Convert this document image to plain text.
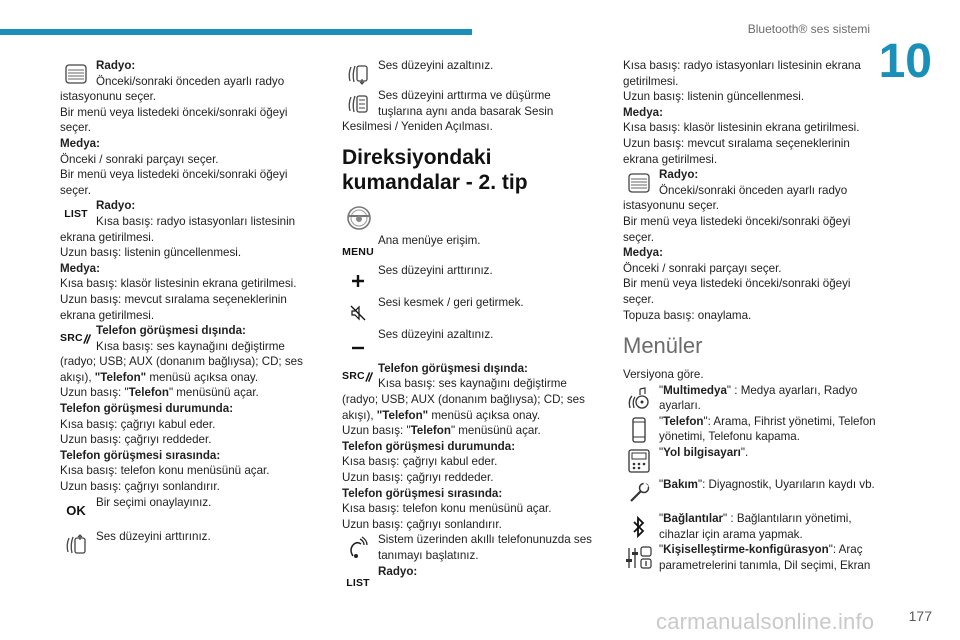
Bluetooth® ses sistemi
10
Radyo:
Önceki/sonraki önceden ayarlı radyo

istasyonunu seçer.

Bir menü veya listedeki önceki/sonraki öğeyi

seçer.

Medya:

Önceki / sonraki parçayı seçer.

Bir menü veya listedeki önceki/sonraki öğeyi

seçer.

LIST
Radyo:
Kısa basış: radyo istasyonları listesinin

ekrana getirilmesi.

Uzun basış: listenin güncellenmesi.

Medya:

Kısa basış: klasör listesinin ekrana getirilmesi.

Uzun basış: mevcut sıralama seçeneklerinin

ekrana getirilmesi.

SRC
Telefon görüşmesi dışında:
Kısa basış: ses kaynağını değiştirme

(radyo; USB; AUX (donanım bağlıysa); CD; ses

akışı), "Telefon" menüsü açıksa onay.

Uzun basış: "Telefon" menüsünü açar.

Telefon görüşmesi durumunda:

Kısa basış: çağrıyı kabul eder.

Uzun basış: çağrıyı reddeder.

Telefon görüşmesi sırasında:

Kısa basış: telefon konu menüsünü açar.

Uzun basış: çağrıyı sonlandırır.

OK
Bir seçimi onaylayınız.
Ses düzeyini arttırınız.
Ses düzeyini azaltınız.
Ses düzeyini arttırma ve düşürme
tuşlarına aynı anda basarak Sesin

Kesilmesi / Yeniden Açılması.

Direksiyondaki kumandalar - 2. tip
MENU
Ana menüye erişim.
Ses düzeyini arttırınız.
Sesi kesmek / geri getirmek.
Ses düzeyini azaltınız.
SRC
Telefon görüşmesi dışında:
Kısa basış: ses kaynağını değiştirme

(radyo; USB; AUX (donanım bağlıysa); CD; ses

akışı), "Telefon" menüsü açıksa onay.

Uzun basış: "Telefon" menüsünü açar.

Telefon görüşmesi durumunda:

Kısa basış: çağrıyı kabul eder.

Uzun basış: çağrıyı reddeder.

Telefon görüşmesi sırasında:

Kısa basış: telefon konu menüsünü açar.

Uzun basış: çağrıyı sonlandırır.

Sistem üzerinden akıllı telefonunuzda ses
tanımayı başlatınız.
LIST
Radyo:

Kısa basış: radyo istasyonları listesinin ekrana

getirilmesi.

Uzun basış: listenin güncellenmesi.

Medya:

Kısa basış: klasör listesinin ekrana getirilmesi.

Uzun basış: mevcut sıralama seçeneklerinin

ekrana getirilmesi.

Radyo:
Önceki/sonraki önceden ayarlı radyo

istasyonunu seçer.

Bir menü veya listedeki önceki/sonraki öğeyi

seçer.

Medya:

Önceki / sonraki parçayı seçer.

Bir menü veya listedeki önceki/sonraki öğeyi

seçer.

Topuza basış: onaylama.

Menüler

Versiyona göre.

"Multimedya" : Medya ayarları, Radyo
ayarları.
"Telefon": Arama, Fihrist yönetimi, Telefon
yönetimi, Telefonu kapama.
"Yol bilgisayarı".
"Bakım": Diyagnostik, Uyarıların kaydı vb.
"Bağlantılar" : Bağlantıların yönetimi,
cihazlar için arama yapmak.
"Kişiselleştirme-konfigürasyon": Araç
parametrelerini tanımla, Dil seçimi, Ekran
carmanualsonline.info 177
